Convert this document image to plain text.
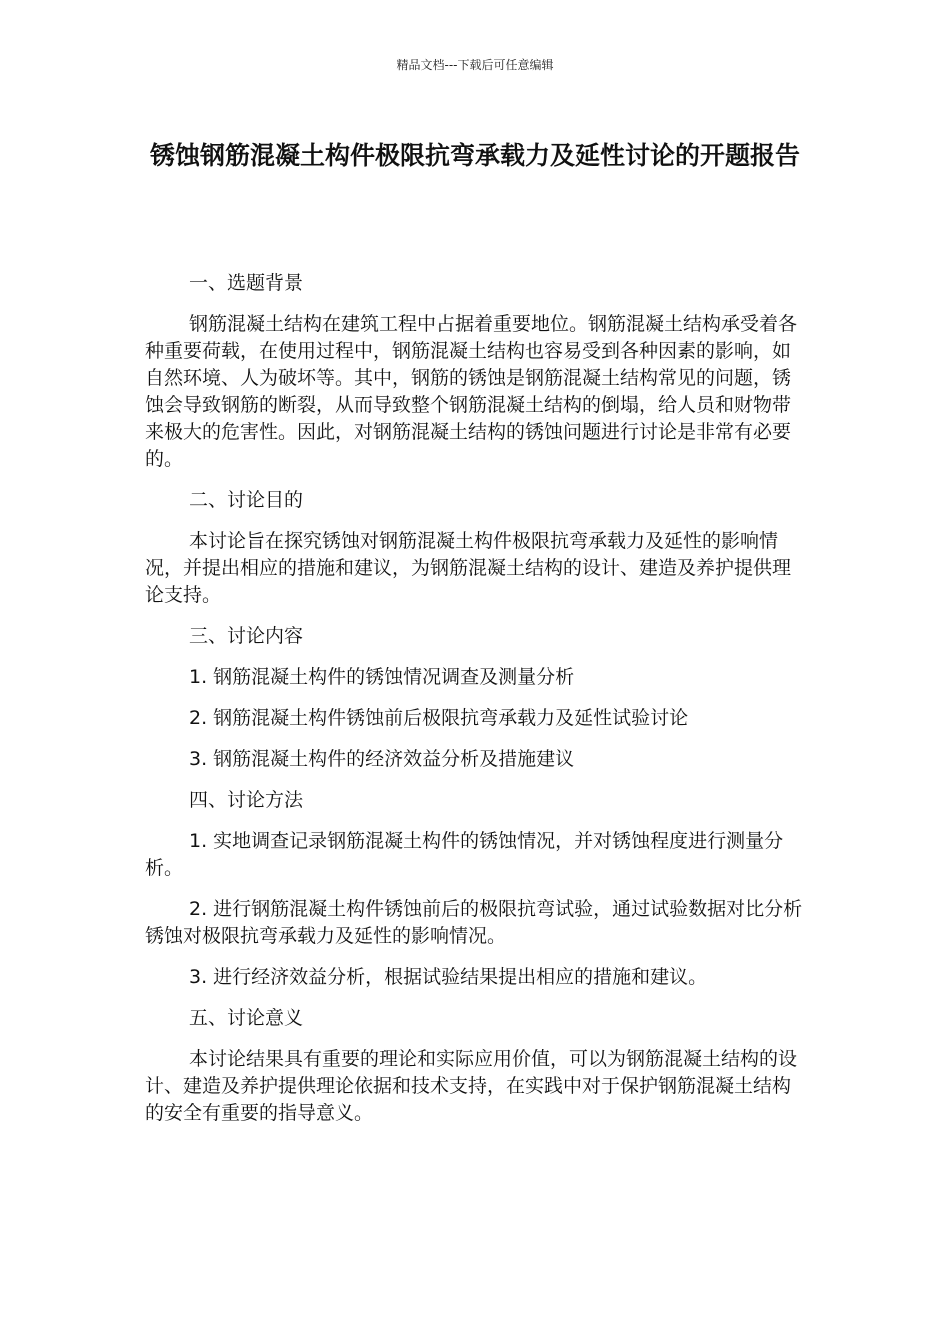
精品文档---下载后可任意编辑
锈蚀钢筋混凝土构件极限抗弯承载力及延性讨论的开题报告

一、选题背景

钢筋混凝土结构在建筑工程中占据着重要地位。钢筋混凝土结构承受着各种重要荷载，在使用过程中，钢筋混凝土结构也容易受到各种因素的影响，如自然环境、人为破坏等。其中，钢筋的锈蚀是钢筋混凝土结构常见的问题，锈蚀会导致钢筋的断裂，从而导致整个钢筋混凝土结构的倒塌，给人员和财物带来极大的危害性。因此，对钢筋混凝土结构的锈蚀问题进行讨论是非常有必要的。

二、讨论目的

本讨论旨在探究锈蚀对钢筋混凝土构件极限抗弯承载力及延性的影响情况，并提出相应的措施和建议，为钢筋混凝土结构的设计、建造及养护提供理论支持。

三、讨论内容

1. 钢筋混凝土构件的锈蚀情况调查及测量分析

2. 钢筋混凝土构件锈蚀前后极限抗弯承载力及延性试验讨论

3. 钢筋混凝土构件的经济效益分析及措施建议

四、讨论方法

1. 实地调查记录钢筋混凝土构件的锈蚀情况，并对锈蚀程度进行测量分析。

2. 进行钢筋混凝土构件锈蚀前后的极限抗弯试验，通过试验数据对比分析锈蚀对极限抗弯承载力及延性的影响情况。

3. 进行经济效益分析，根据试验结果提出相应的措施和建议。

五、讨论意义

本讨论结果具有重要的理论和实际应用价值，可以为钢筋混凝土结构的设计、建造及养护提供理论依据和技术支持，在实践中对于保护钢筋混凝土结构的安全有重要的指导意义。
